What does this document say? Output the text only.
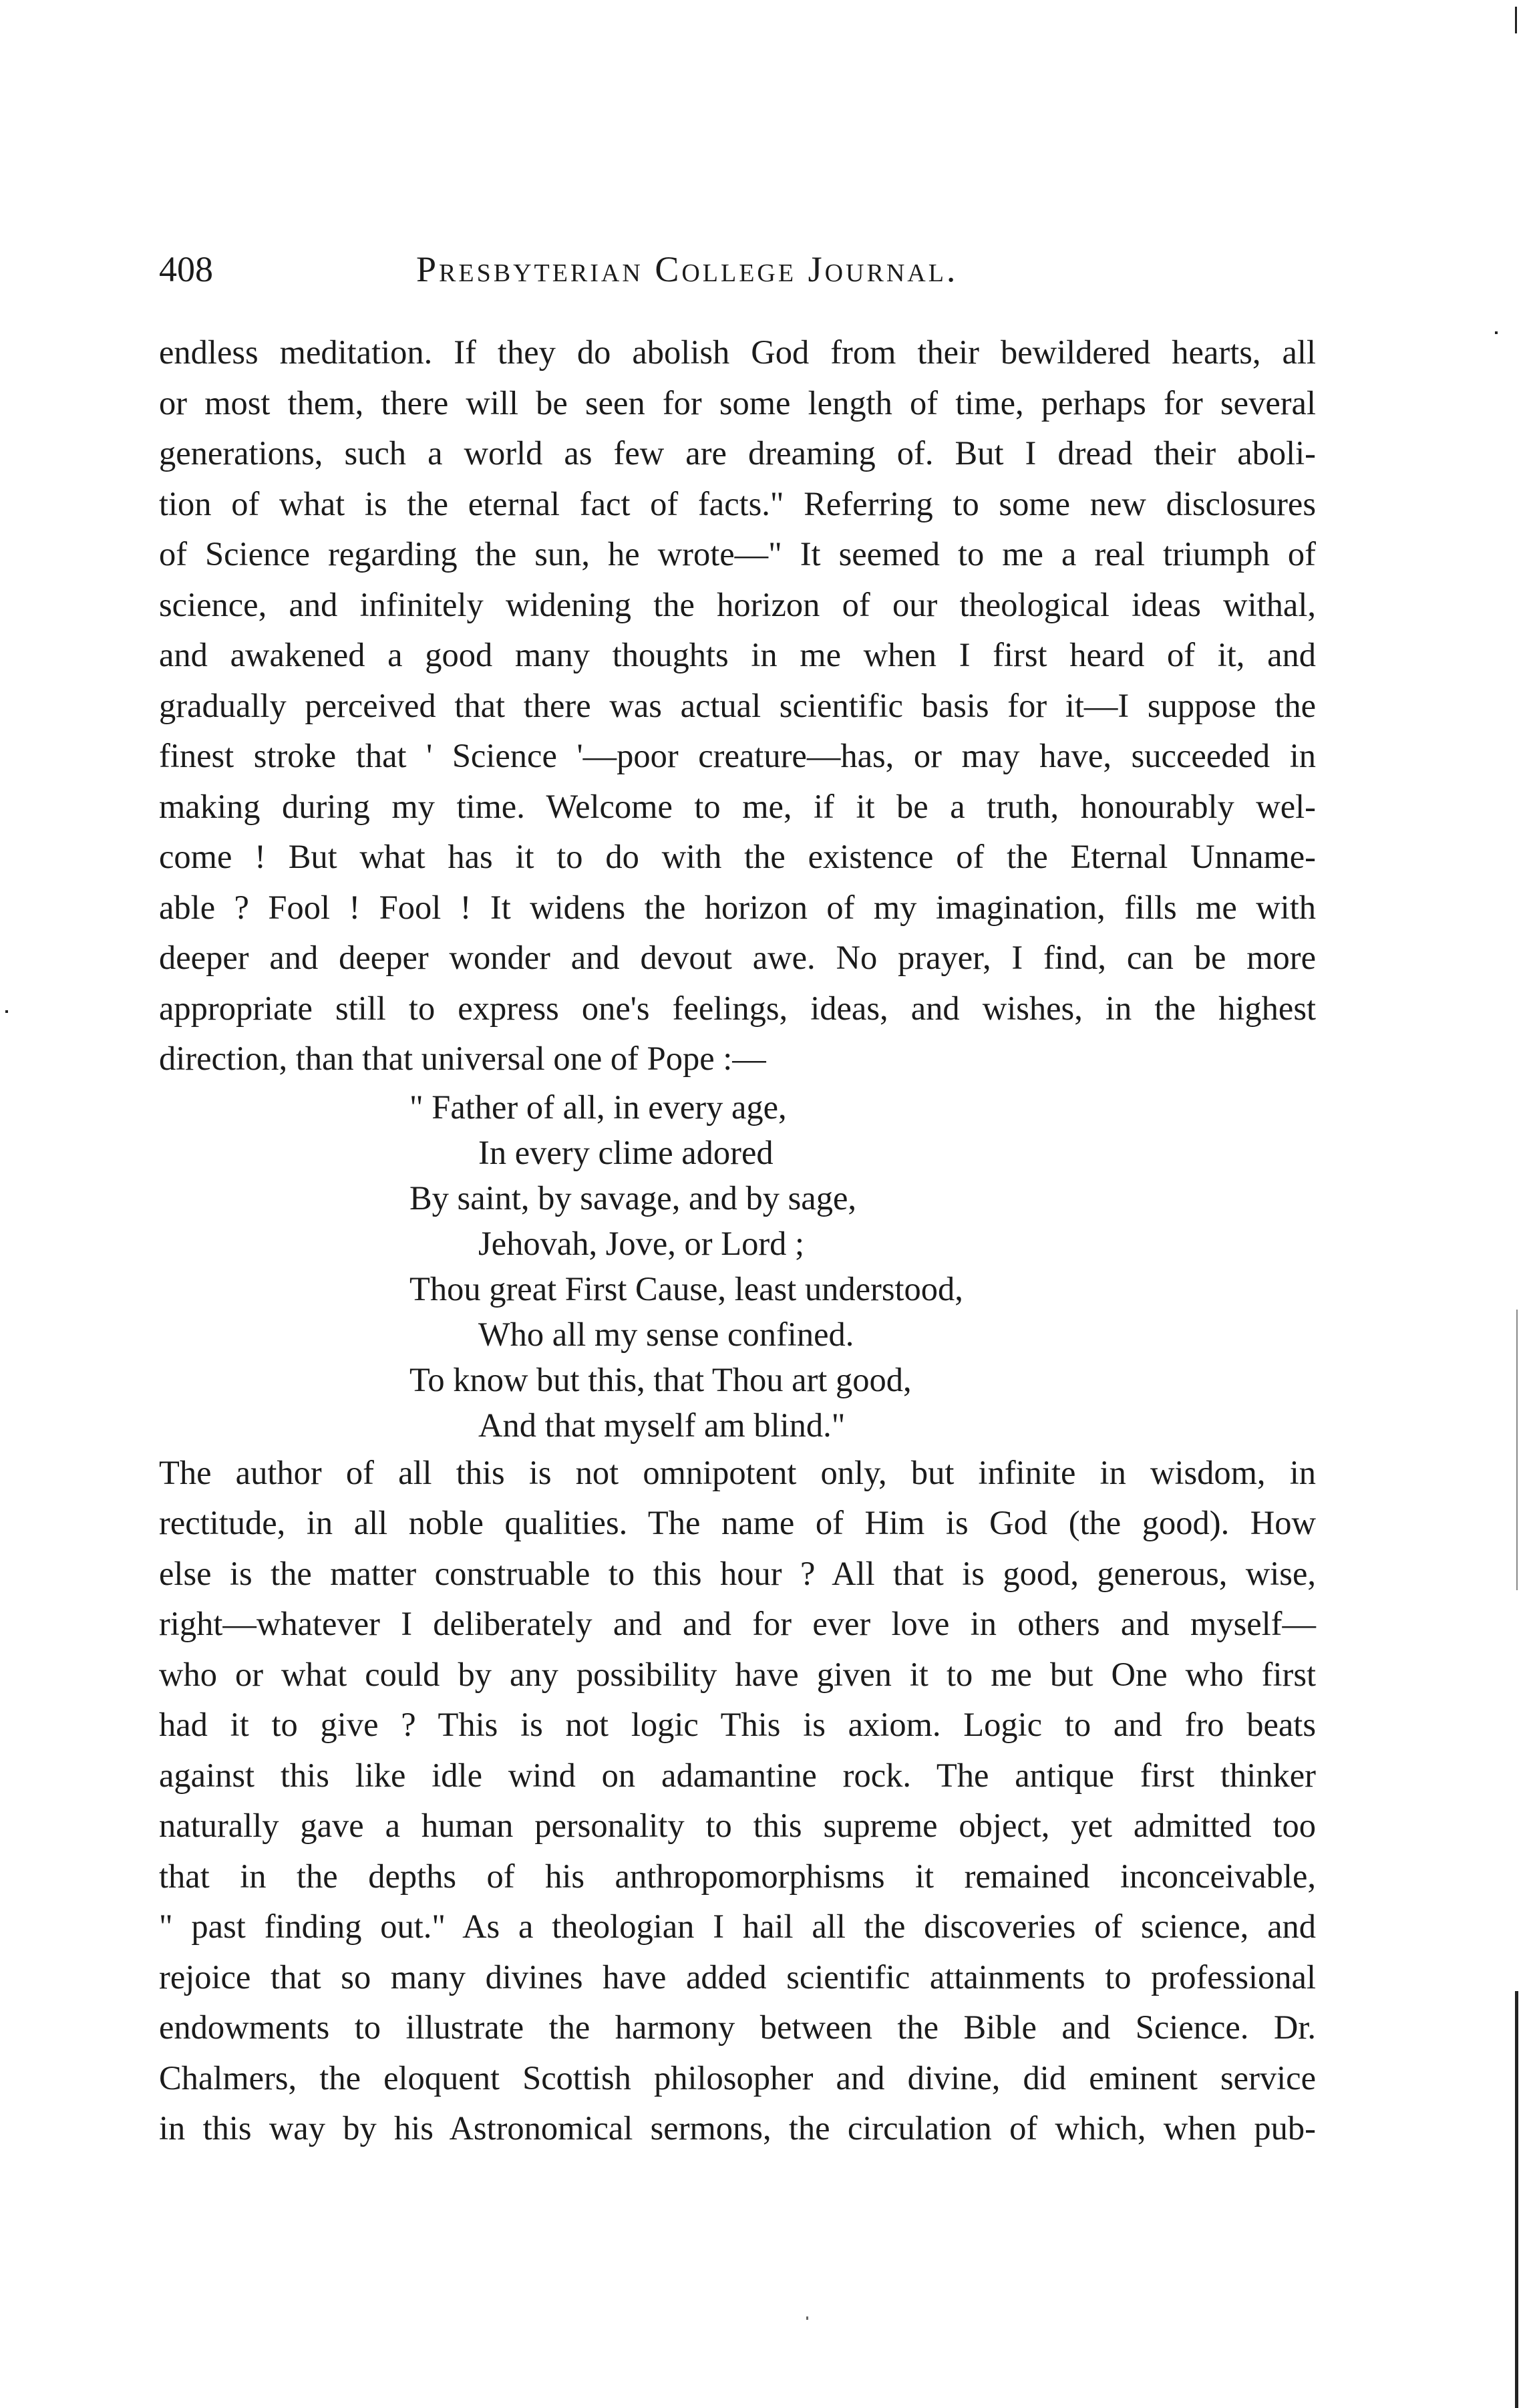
408	Presbyterian College Journal.
endless meditation. If they do abolish God from their bewildered hearts, all
or most them, there will be seen for some length of time, perhaps for several
generations, such a world as few are dreaming of. But I dread their aboli-
tion of what is the eternal fact of facts." Referring to some new disclosures
of Science regarding the sun, he wrote—" It seemed to me a real triumph of
science, and infinitely widening the horizon of our theological ideas withal,
and awakened a good many thoughts in me when I first heard of it, and
gradually perceived that there was actual scientific basis for it—I suppose the
finest stroke that ' Science '—poor creature—has, or may have, succeeded in
making during my time. Welcome to me, if it be a truth, honourably wel-
come ! But what has it to do with the existence of the Eternal Unname-
able ? Fool ! Fool ! It widens the horizon of my imagination, fills me with
deeper and deeper wonder and devout awe. No prayer, I find, can be more
appropriate still to express one's feelings, ideas, and wishes, in the highest
direction, than that universal one of Pope :—
" Father of all, in every age,
In every clime adored
By saint, by savage, and by sage,
Jehovah, Jove, or Lord ;
Thou great First Cause, least understood,
Who all my sense confined.
To know but this, that Thou art good,
And that myself am blind."
The author of all this is not omnipotent only, but infinite in wisdom, in
rectitude, in all noble qualities. The name of Him is God (the good). How
else is the matter construable to this hour ? All that is good, generous, wise,
right—whatever I deliberately and and for ever love in others and myself—
who or what could by any possibility have given it to me but One who first
had it to give ? This is not logic This is axiom. Logic to and fro beats
against this like idle wind on adamantine rock. The antique first thinker
naturally gave a human personality to this supreme object, yet admitted too
that in the depths of his anthropomorphisms it remained inconceivable,
" past finding out." As a theologian I hail all the discoveries of science, and
rejoice that so many divines have added scientific attainments to professional
endowments to illustrate the harmony between the Bible and Science. Dr.
Chalmers, the eloquent Scottish philosopher and divine, did eminent service
in this way by his Astronomical sermons, the circulation of which, when pub-
